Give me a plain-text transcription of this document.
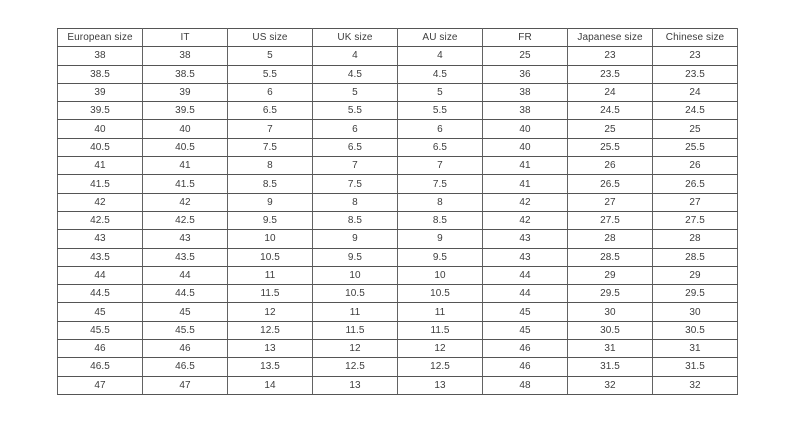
European size	IT	US size	UK size	AU size	FR	Japanese size	Chinese size
38	38	5	4	4	25	23	23
38.5	38.5	5.5	4.5	4.5	36	23.5	23.5
39	39	6	5	5	38	24	24
39.5	39.5	6.5	5.5	5.5	38	24.5	24.5
40	40	7	6	6	40	25	25
40.5	40.5	7.5	6.5	6.5	40	25.5	25.5
41	41	8	7	7	41	26	26
41.5	41.5	8.5	7.5	7.5	41	26.5	26.5
42	42	9	8	8	42	27	27
42.5	42.5	9.5	8.5	8.5	42	27.5	27.5
43	43	10	9	9	43	28	28
43.5	43.5	10.5	9.5	9.5	43	28.5	28.5
44	44	11	10	10	44	29	29
44.5	44.5	11.5	10.5	10.5	44	29.5	29.5
45	45	12	11	11	45	30	30
45.5	45.5	12.5	11.5	11.5	45	30.5	30.5
46	46	13	12	12	46	31	31
46.5	46.5	13.5	12.5	12.5	46	31.5	31.5
47	47	14	13	13	48	32	32
